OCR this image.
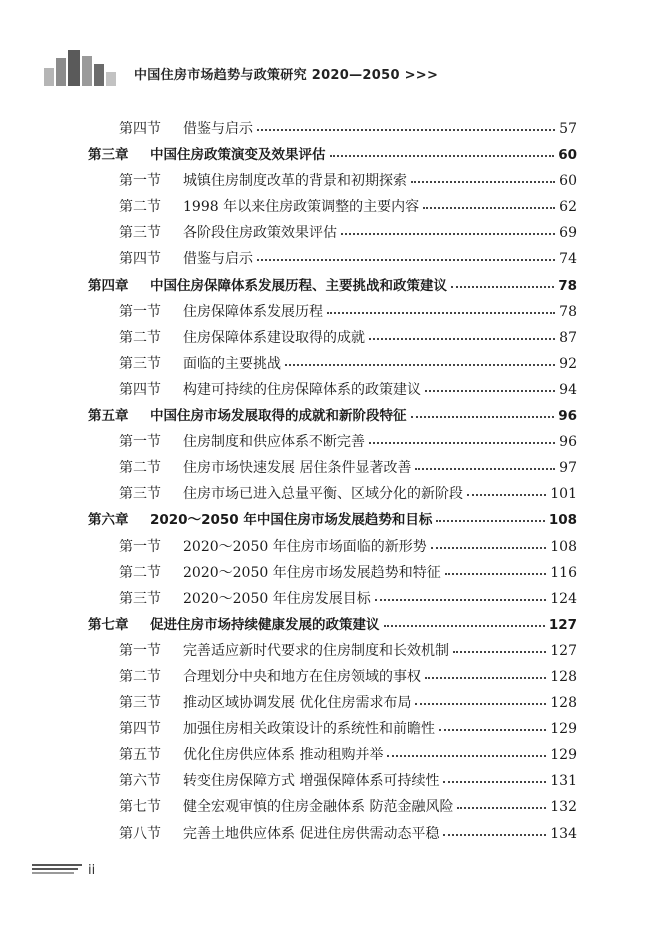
中国住房市场趋势与政策研究 2020—2050 >>>
第四节 借鉴与启示	57
第三章 中国住房政策演变及效果评估	60
第一节 城镇住房制度改革的背景和初期探索	60
第二节 1998 年以来住房政策调整的主要内容	62
第三节 各阶段住房政策效果评估	69
第四节 借鉴与启示	74
第四章 中国住房保障体系发展历程、主要挑战和政策建议	78
第一节 住房保障体系发展历程	78
第二节 住房保障体系建设取得的成就	87
第三节 面临的主要挑战	92
第四节 构建可持续的住房保障体系的政策建议	94
第五章 中国住房市场发展取得的成就和新阶段特征	96
第一节 住房制度和供应体系不断完善	96
第二节 住房市场快速发展 居住条件显著改善	97
第三节 住房市场已进入总量平衡、区域分化的新阶段	101
第六章 2020～2050 年中国住房市场发展趋势和目标	108
第一节 2020～2050 年住房市场面临的新形势	108
第二节 2020～2050 年住房市场发展趋势和特征	116
第三节 2020～2050 年住房发展目标	124
第七章 促进住房市场持续健康发展的政策建议	127
第一节 完善适应新时代要求的住房制度和长效机制	127
第二节 合理划分中央和地方在住房领域的事权	128
第三节 推动区域协调发展 优化住房需求布局	128
第四节 加强住房相关政策设计的系统性和前瞻性	129
第五节 优化住房供应体系 推动租购并举	129
第六节 转变住房保障方式 增强保障体系可持续性	131
第七节 健全宏观审慎的住房金融体系 防范金融风险	132
第八节 完善土地供应体系 促进住房供需动态平稳	134
ii
